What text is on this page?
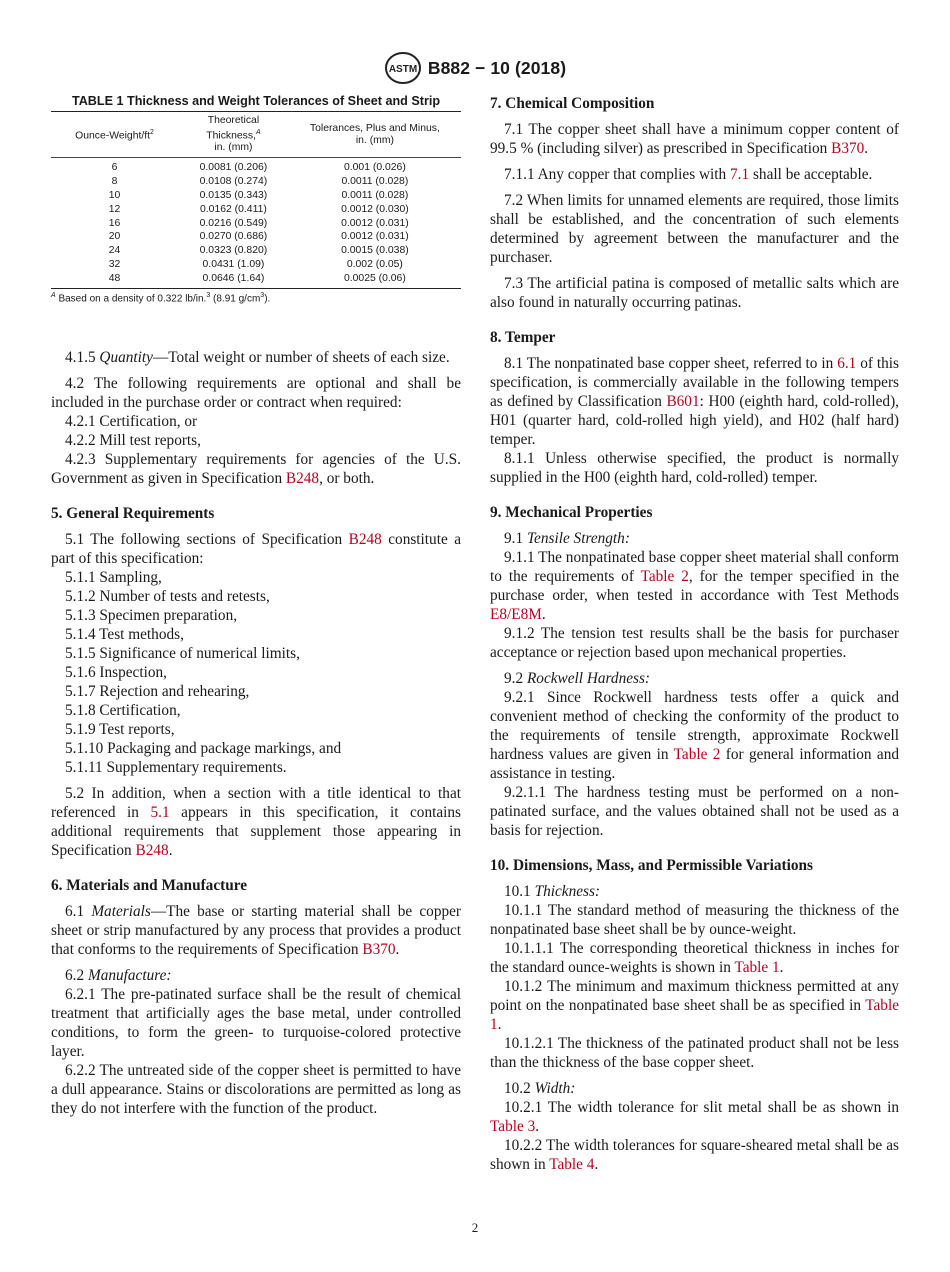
ASTM B882 − 10 (2018)
TABLE 1 Thickness and Weight Tolerances of Sheet and Strip
Ounce-$Weight/ft^2$	Theoretical
Thickness,$^A$
in. (mm)	Tolerances, Plus and Minus,
in. (mm)
6	0.0081 (0.206)	0.001 (0.026)
8	0.0108 (0.274)	0.0011 (0.028)
10	0.0135 (0.343)	0.0011 (0.028)
12	0.0162 (0.411)	0.0012 (0.030)
16	0.0216 (0.549)	0.0012 (0.031)
20	0.0270 (0.686)	0.0012 (0.031)
24	0.0323 (0.820)	0.0015 (0.038)
32	0.0431 (1.09)	0.002 (0.05)
48	0.0646 (1.64)	0.0025 (0.06)
$^A$ Based on a density of 0.322 lb/in.$^3$ (8.91 $g/cm^3$).

4.1.5 Quantity—Total weight or number of sheets of each size.

4.2 The following requirements are optional and shall be included in the purchase order or contract when required:

4.2.1 Certification, or

4.2.2 Mill test reports,

4.2.3 Supplementary requirements for agencies of the U.S. Government as given in Specification B248, or both.

5. General Requirements

5.1 The following sections of Specification B248 constitute a part of this specification:

5.1.1 Sampling,

5.1.2 Number of tests and retests,

5.1.3 Specimen preparation,

5.1.4 Test methods,

5.1.5 Significance of numerical limits,

5.1.6 Inspection,

5.1.7 Rejection and rehearing,

5.1.8 Certification,

5.1.9 Test reports,

5.1.10 Packaging and package markings, and

5.1.11 Supplementary requirements.

5.2 In addition, when a section with a title identical to that referenced in 5.1 appears in this specification, it contains additional requirements that supplement those appearing in Specification B248.

6. Materials and Manufacture

6.1 Materials—The base or starting material shall be copper sheet or strip manufactured by any process that provides a product that conforms to the requirements of Specification B370.

6.2 Manufacture:

6.2.1 The pre-patinated surface shall be the result of chemical treatment that artificially ages the base metal, under controlled conditions, to form the green- to turquoise-colored protective layer.

6.2.2 The untreated side of the copper sheet is permitted to have a dull appearance. Stains or discolorations are permitted as long as they do not interfere with the function of the product.

7. Chemical Composition

7.1 The copper sheet shall have a minimum copper content of 99.5 % (including silver) as prescribed in Specification B370.

7.1.1 Any copper that complies with 7.1 shall be acceptable.

7.2 When limits for unnamed elements are required, those limits shall be established, and the concentration of such elements determined by agreement between the manufacturer and the purchaser.

7.3 The artificial patina is composed of metallic salts which are also found in naturally occurring patinas.

8. Temper

8.1 The nonpatinated base copper sheet, referred to in 6.1 of this specification, is commercially available in the following tempers as defined by Classification B601: H00 (eighth hard, cold-rolled), H01 (quarter hard, cold-rolled high yield), and H02 (half hard) temper.

8.1.1 Unless otherwise specified, the product is normally supplied in the H00 (eighth hard, cold-rolled) temper.

9. Mechanical Properties

9.1 Tensile Strength:

9.1.1 The nonpatinated base copper sheet material shall conform to the requirements of Table 2, for the temper specified in the purchase order, when tested in accordance with Test Methods E8/E8M.

9.1.2 The tension test results shall be the basis for purchaser acceptance or rejection based upon mechanical properties.

9.2 Rockwell Hardness:

9.2.1 Since Rockwell hardness tests offer a quick and convenient method of checking the conformity of the product to the requirements of tensile strength, approximate Rockwell hardness values are given in Table 2 for general information and assistance in testing.

9.2.1.1 The hardness testing must be performed on a non-patinated surface, and the values obtained shall not be used as a basis for rejection.

10. Dimensions, Mass, and Permissible Variations

10.1 Thickness:

10.1.1 The standard method of measuring the thickness of the nonpatinated base sheet shall be by ounce-weight.

10.1.1.1 The corresponding theoretical thickness in inches for the standard ounce-weights is shown in Table 1.

10.1.2 The minimum and maximum thickness permitted at any point on the nonpatinated base sheet shall be as specified in Table 1.

10.1.2.1 The thickness of the patinated product shall not be less than the thickness of the base copper sheet.

10.2 Width:

10.2.1 The width tolerance for slit metal shall be as shown in Table 3.

10.2.2 The width tolerances for square-sheared metal shall be as shown in Table 4.

2
